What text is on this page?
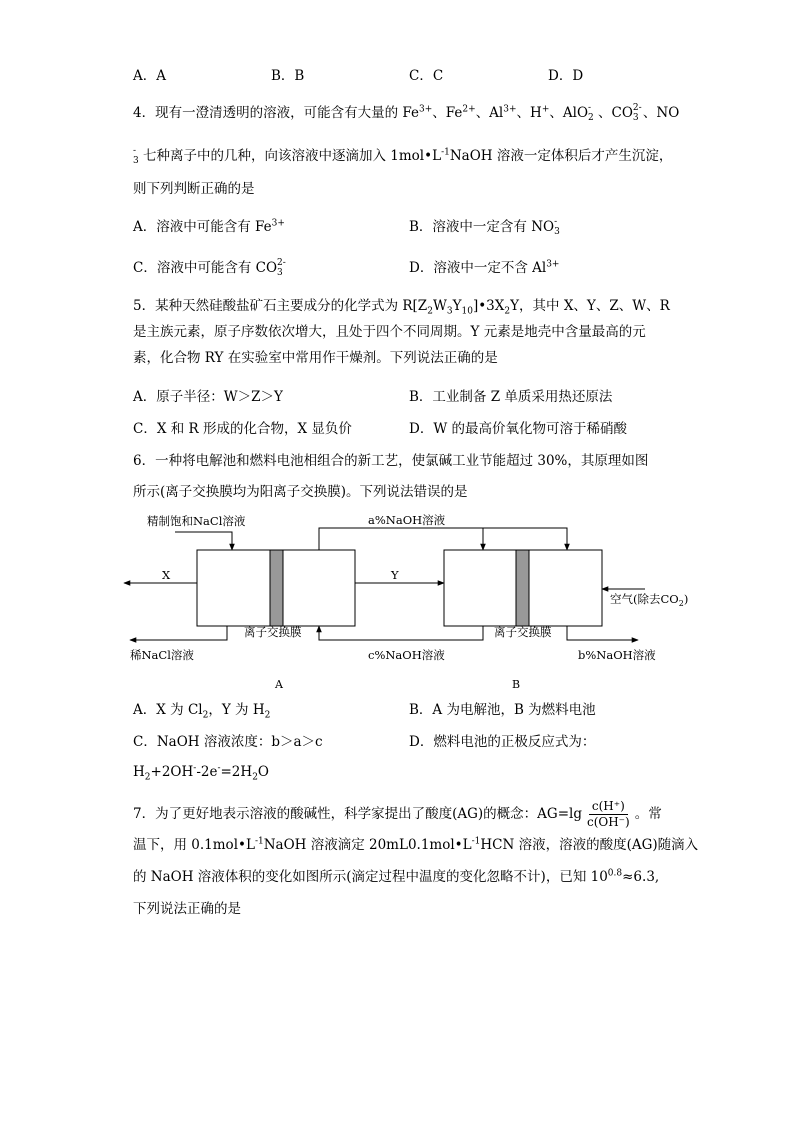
A．A	B．B	C．C	D．D
4．现有一澄清透明的溶液，可能含有大量的 $Fe^{3+}$、$Fe^{2+}$、$Al^{3+}$、H+、AlO -
2 、CO 2-
3 、NO
-
3 七种离子中的几种，向该溶液中逐滴加入 $1mol•L^{-1}NaOH$ 溶液一定体积后才产生沉淀，
则下列判断正确的是
A．溶液中可能含有 $Fe^{3+}$	B．溶液中一定含有 NO -
3
C．溶液中可能含有 CO 2-
3	D．溶液中一定不含 $Al^{3+}$
5．某种天然硅酸盐矿石主要成分的化学式为 $R[Z_2W_3Y_{10}]•3X_2Y$，其中 X、Y、Z、W、R
是主族元素，原子序数依次增大，且处于四个不同周期。Y 元素是地壳中含量最高的元
素，化合物 RY 在实验室中常用作干燥剂。下列说法正确的是
A．原子半径：W＞Z＞Y	B．工业制备 Z 单质采用热还原法
C．X 和 R 形成的化合物，X 显负价	D．W 的最高价氧化物可溶于稀硝酸
6．一种将电解池和燃料电池相组合的新工艺，使氯碱工业节能超过 30%，其原理如图
所示(离子交换膜均为阳离子交换膜)。下列说法错误的是
精制饱和NaCl溶液	a%NaOH溶液
X	Y
空气(除去$CO_2$)
离子交换膜	离子交换膜
稀NaCl溶液	c%NaOH溶液	b%NaOH溶液
A	B
A．X 为 $Cl_2$，Y 为 $H_2$	B．A 为电解池，B 为燃料电池
C．NaOH 溶液浓度：b＞a＞c	D．燃料电池的正极反应式为：
$H_2+2OH^--2e^-=2H_2O$
7．为了更好地表示溶液的酸碱性，科学家提出了酸度(AG)的概念：$AG=\lg \frac{c(H^+)}{c(OH^-)}$ 。常
温下，用 $0.1mol•L^{-1}NaOH$ 溶液滴定 $20mL0.1mol•L^{-1}HCN$ 溶液，溶液的酸度(AG)随滴入
的 NaOH 溶液体积的变化如图所示(滴定过程中温度的变化忽略不计)，已知 $10^{0.8}\approx 6.3$,
下列说法正确的是
